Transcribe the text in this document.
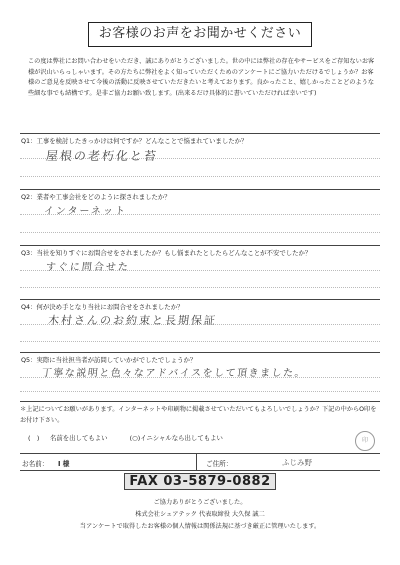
お客様のお声をお聞かせください
この度は弊社にお問い合わせをいただき、誠にありがとうございました。世の中には弊社の存在やサービスをご存知ないお客様が沢山いらっしゃいます。その方たちに弊社をよく知っていただくためのアンケートにご協力いただけるでしょうか？お客様のご意見を反映させて今後の活動に反映させていただきたいと考えております。良かったこと、嬉しかったことどのような些細な事でも結構です。是非ご協力お願い致します。(出来るだけ具体的に書いていただければ幸いです)
Q1：工事を検討したきっかけは何ですか？どんなことで悩まれていましたか？
屋根の老朽化と苔
Q2：業者や工事会社をどのように探されましたか？
インターネット
Q3：当社を知りすぐにお問合せをされましたか？もし悩まれたとしたらどんなことが不安でしたか？
すぐに問合せた
Q4：何が決め手となり当社にお問合せをされましたか？
木村さんのお約束と長期保証
Q5：実際に当社担当者が訪問していかがでしたでしょうか？
丁寧な説明と色々なアドバイスをして頂きました。
＊上記についてお願いがあります。インターネットや印刷物に掲載させていただいてもよろしいでしょうか？下記の中からO印をお付け下さい。
(　) 名前を出してもよい	(○)イニシャルなら出してもよい	印
お名前： I 様	ご住所：	ふじみ野
FAX 03-5879-0882
ご協力ありがとうございました。
株式会社シェアテック 代表取締役 大久保 誠二
当アンケートで取得したお客様の個人情報は関係法規に基づき厳正に管理いたします。
